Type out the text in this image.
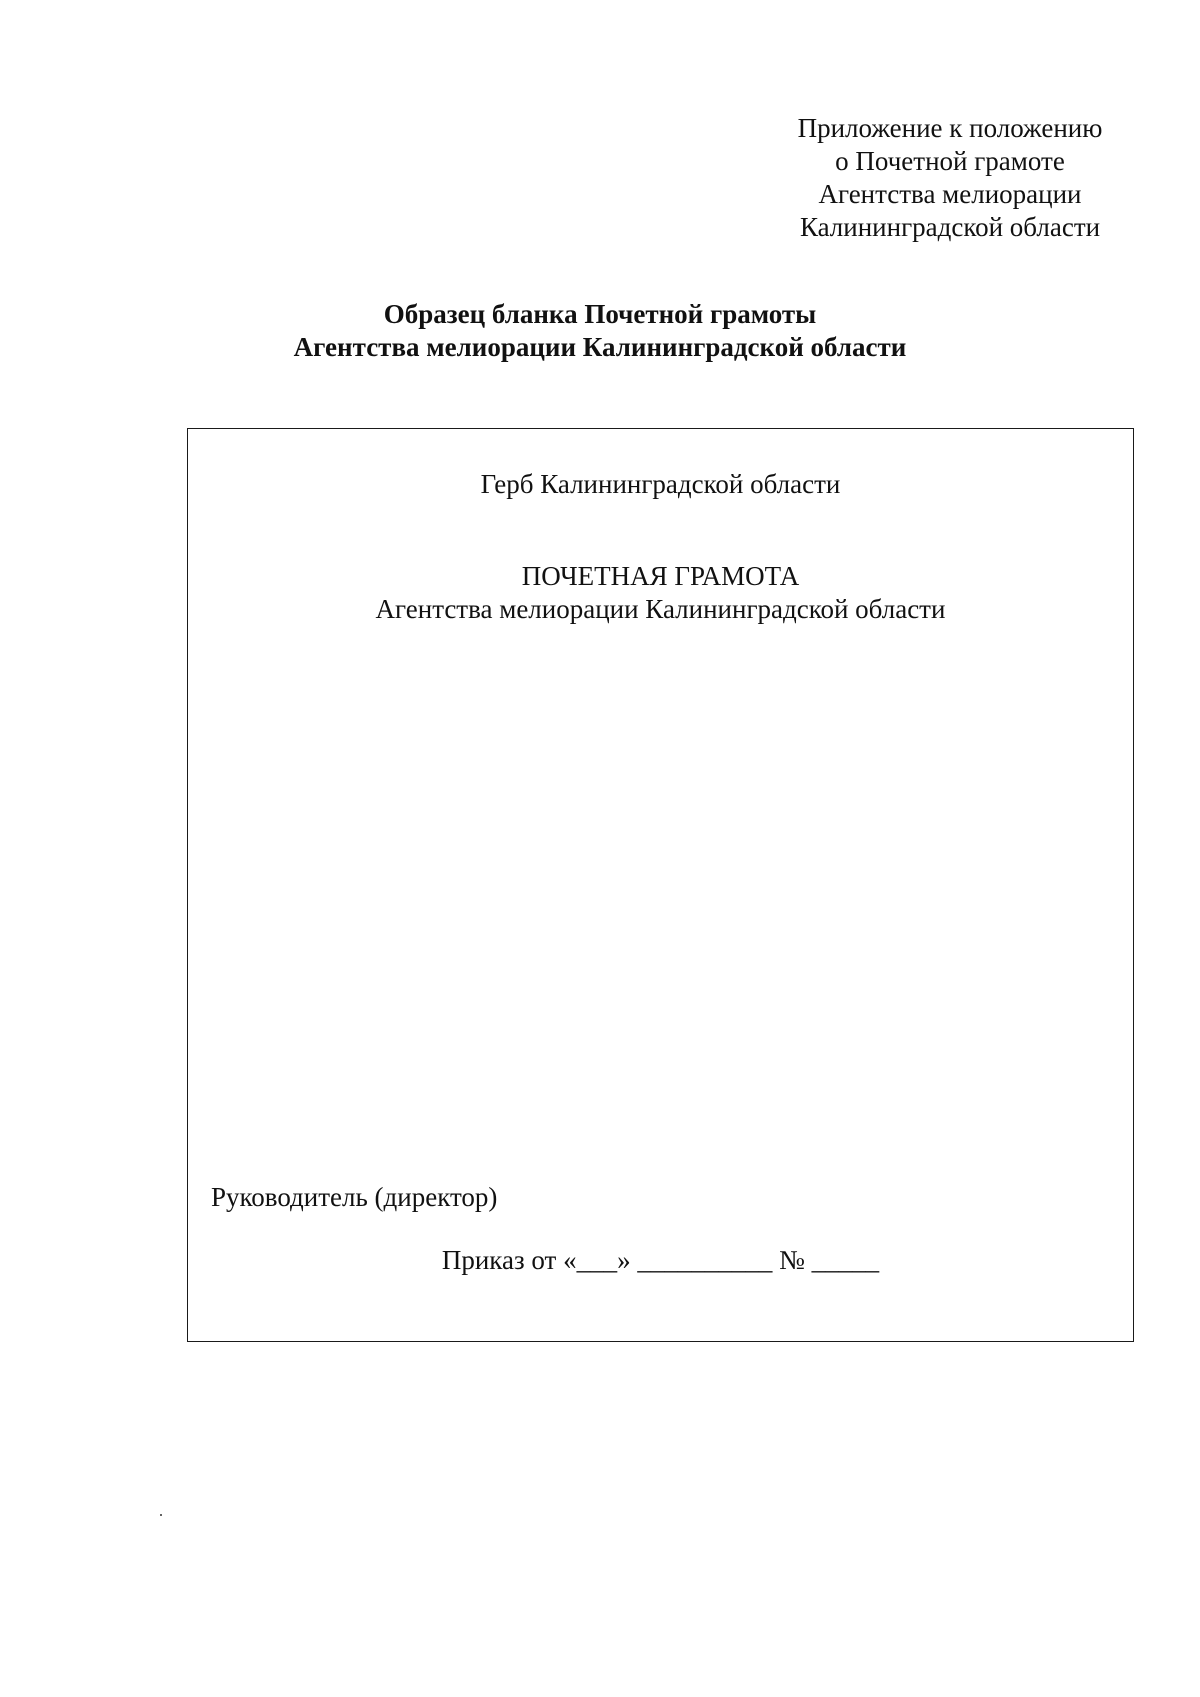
Приложение к положению
о Почетной грамоте
Агентства мелиорации
Калининградской области
Образец бланка Почетной грамоты
Агентства мелиорации Калининградской области
Герб Калининградской области
ПОЧЕТНАЯ ГРАМОТА
Агентства мелиорации Калининградской области
Руководитель (директор)
Приказ от «___» __________ № _____
